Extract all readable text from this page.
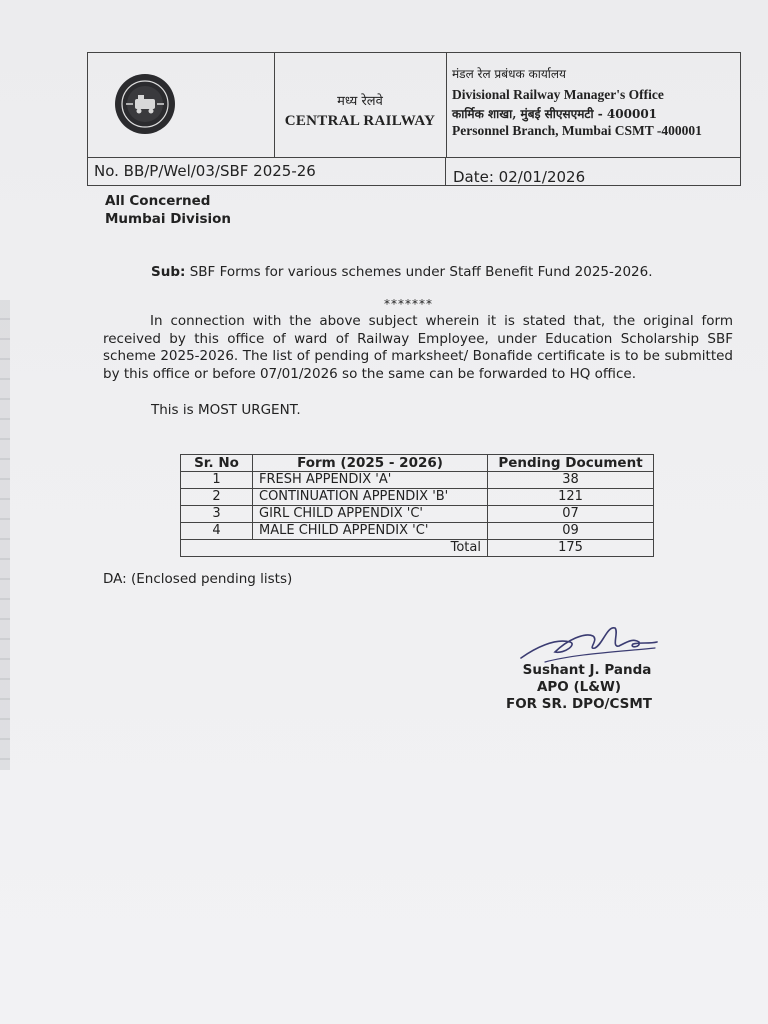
मध्य रेलवे
CENTRAL RAILWAY
मंडल रेल प्रबंधक कार्यालय
Divisional Railway Manager's Office
कार्मिक शाखा, मुंबई सीएसएमटी - 400001
Personnel Branch, Mumbai CSMT -400001
No. BB/P/Wel/03/SBF 2025-26	Date: 02/01/2026
All Concerned
Mumbai Division
Sub: SBF Forms for various schemes under Staff Benefit Fund 2025-2026.
*******
In connection with the above subject wherein it is stated that, the original form received by this office of ward of Railway Employee, under Education Scholarship SBF scheme 2025-2026. The list of pending of marksheet/ Bonafide certificate is to be submitted by this office or before 07/01/2026 so the same can be forwarded to HQ office.
This is MOST URGENT.
Sr. No	Form (2025 - 2026)	Pending Document
1	FRESH APPENDIX 'A'	38
2	CONTINUATION APPENDIX 'B'	121
3	GIRL CHILD APPENDIX 'C'	07
4	MALE CHILD APPENDIX 'C'	09
Total		175
DA: (Enclosed pending lists)
Sushant J. Panda
APO (L&W)
FOR SR. DPO/CSMT
